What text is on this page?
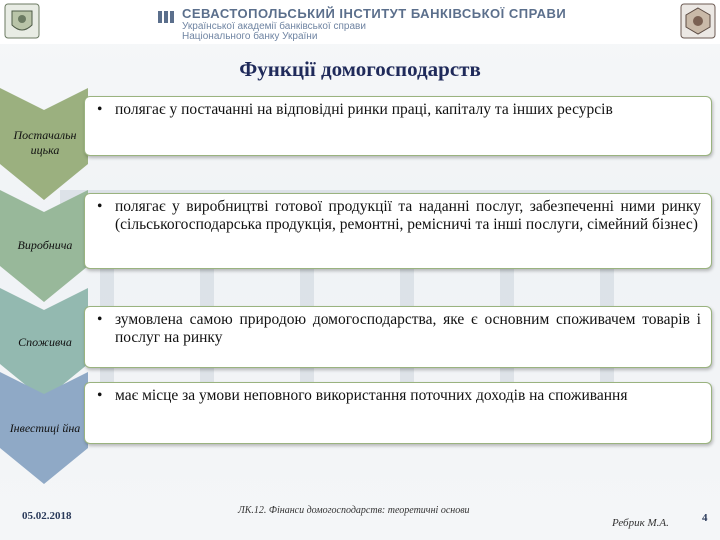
СЕВАСТОПОЛЬСЬКИЙ ІНСТИТУТ БАНКІВСЬКОЇ СПРАВИ
Української академії банківської справи
Національного банку України
Функції домогосподарств
Постачальн ицька
Виробнича
Споживча
Інвестиці йна
• полягає у постачанні на відповідні ринки праці, капіталу та інших ресурсів
• полягає у виробництві готової продукції та наданні послуг, забезпеченні ними ринку (сільськогосподарська продукція, ремонтні, ремісничі та інші послуги, сімейний бізнес)
• зумовлена самою природою домогосподарства, яке є основним споживачем товарів і послуг на ринку
• має місце за умови неповного використання поточних доходів на споживання
05.02.2018	ЛК.12. Фінанси домогосподарств: теоретичні основи
Ребрик М.А.	4
